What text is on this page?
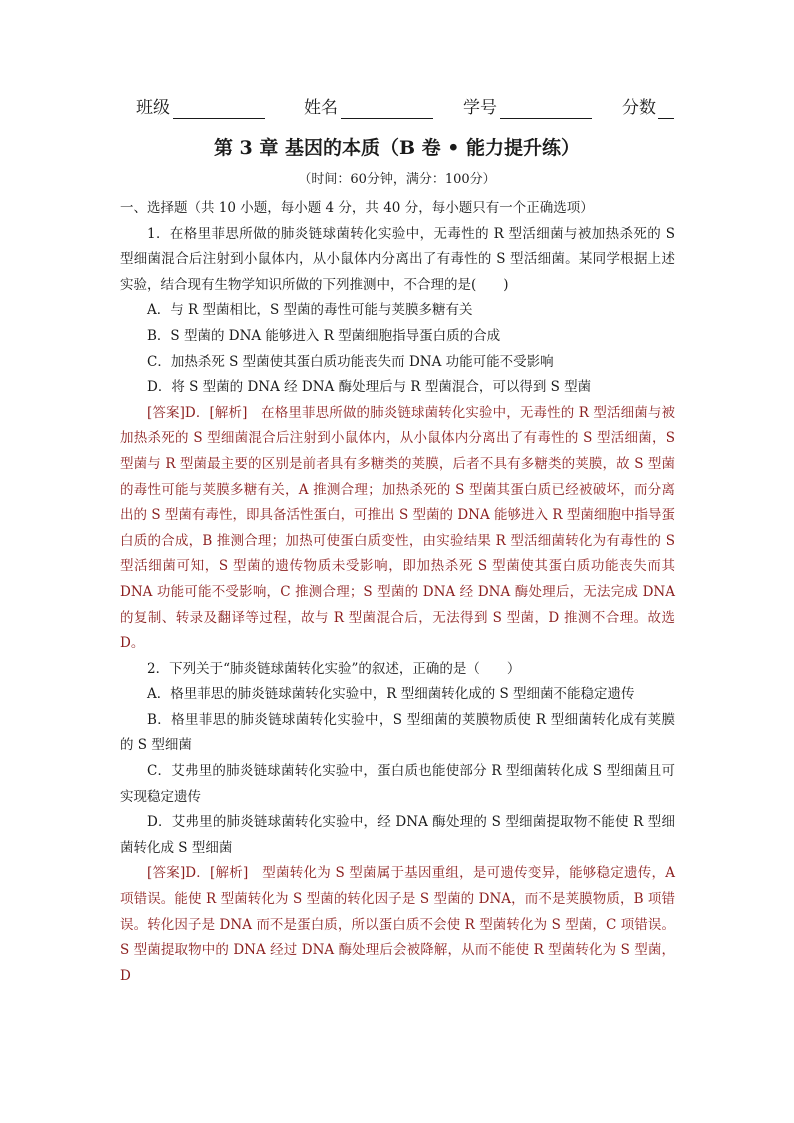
班级	姓名	学号	分数
第 3 章 基因的本质（B 卷 • 能力提升练）
（时间：60分钟，满分：100分）

一、选择题（共 10 小题，每小题 4 分，共 40 分，每小题只有一个正确选项）

1．在格里菲思所做的肺炎链球菌转化实验中，无毒性的 R 型活细菌与被加热杀死的 S 型细菌混合后注射到小鼠体内，从小鼠体内分离出了有毒性的 S 型活细菌。某同学根据上述实验，结合现有生物学知识所做的下列推测中，不合理的是(　　)

A．与 R 型菌相比，S 型菌的毒性可能与荚膜多糖有关

B．S 型菌的 DNA 能够进入 R 型菌细胞指导蛋白质的合成

C．加热杀死 S 型菌使其蛋白质功能丧失而 DNA 功能可能不受影响

D．将 S 型菌的 DNA 经 DNA 酶处理后与 R 型菌混合，可以得到 S 型菌

[答案]D．[解析]　在格里菲思所做的肺炎链球菌转化实验中，无毒性的 R 型活细菌与被加热杀死的 S 型细菌混合后注射到小鼠体内，从小鼠体内分离出了有毒性的 S 型活细菌，S 型菌与 R 型菌最主要的区别是前者具有多糖类的荚膜，后者不具有多糖类的荚膜，故 S 型菌的毒性可能与荚膜多糖有关，A 推测合理；加热杀死的 S 型菌其蛋白质已经被破坏，而分离出的 S 型菌有毒性，即具备活性蛋白，可推出 S 型菌的 DNA 能够进入 R 型菌细胞中指导蛋白质的合成，B 推测合理；加热可使蛋白质变性，由实验结果 R 型活细菌转化为有毒性的 S 型活细菌可知，S 型菌的遗传物质未受影响，即加热杀死 S 型菌使其蛋白质功能丧失而其 DNA 功能可能不受影响，C 推测合理；S 型菌的 DNA 经 DNA 酶处理后，无法完成 DNA 的复制、转录及翻译等过程，故与 R 型菌混合后，无法得到 S 型菌，D 推测不合理。故选 D。

2．下列关于“肺炎链球菌转化实验”的叙述，正确的是（　　）

A．格里菲思的肺炎链球菌转化实验中，R 型细菌转化成的 S 型细菌不能稳定遗传

B．格里菲思的肺炎链球菌转化实验中，S 型细菌的荚膜物质使 R 型细菌转化成有荚膜的 S 型细菌

C．艾弗里的肺炎链球菌转化实验中，蛋白质也能使部分 R 型细菌转化成 S 型细菌且可实现稳定遗传

D．艾弗里的肺炎链球菌转化实验中，经 DNA 酶处理的 S 型细菌提取物不能使 R 型细菌转化成 S 型细菌

[答案]D．[解析]　型菌转化为 S 型菌属于基因重组，是可遗传变异，能够稳定遗传，A 项错误。能使 R 型菌转化为 S 型菌的转化因子是 S 型菌的 DNA，而不是荚膜物质，B 项错误。转化因子是 DNA 而不是蛋白质，所以蛋白质不会使 R 型菌转化为 S 型菌，C 项错误。S 型菌提取物中的 DNA 经过 DNA 酶处理后会被降解，从而不能使 R 型菌转化为 S 型菌，D
